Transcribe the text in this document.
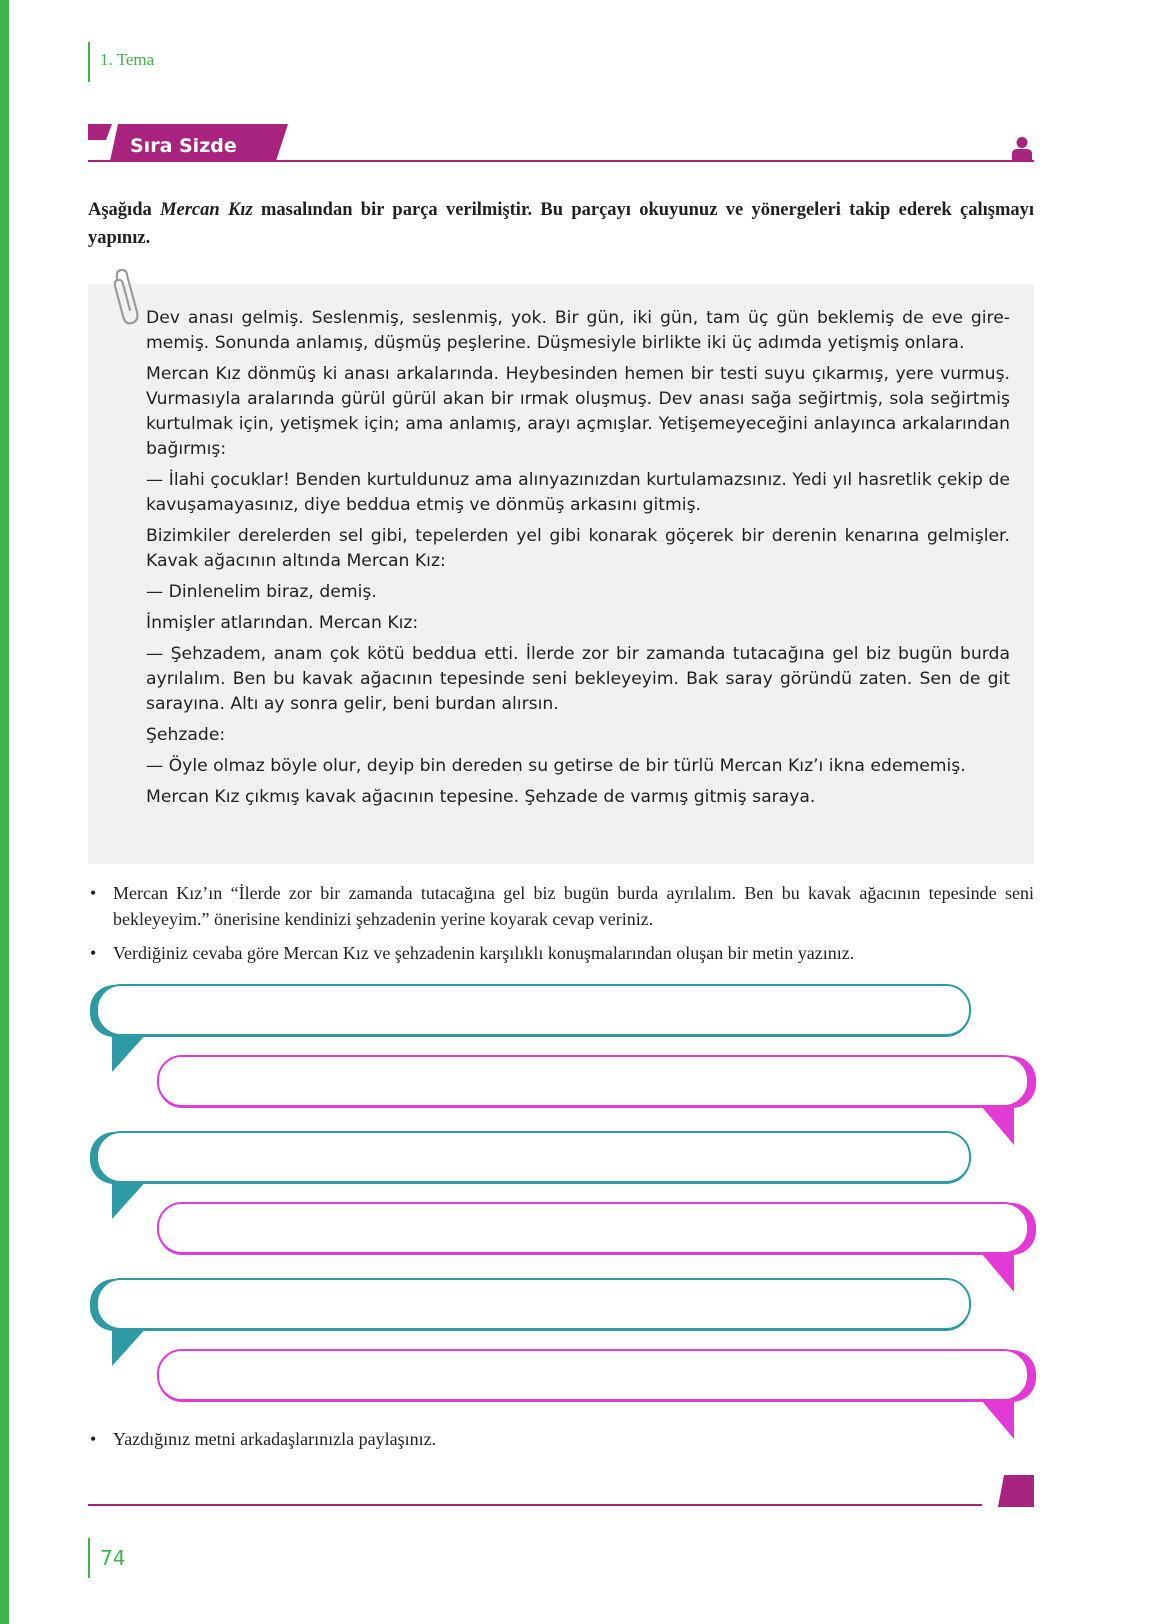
1. Tema
Sıra Sizde
Aşağıda Mercan Kız masalından bir parça verilmiştir. Bu parçayı okuyunuz ve yönergeleri takip ederek çalışmayı yapınız.

Dev anası gelmiş. Seslenmiş, seslenmiş, yok. Bir gün, iki gün, tam üç gün beklemiş de eve girememiş. Sonunda anlamış, düşmüş peşlerine. Düşmesiyle birlikte iki üç adımda yetişmiş onlara.

Mercan Kız dönmüş ki anası arkalarında. Heybesinden hemen bir testi suyu çıkarmış, yere vurmuş. Vurmasıyla aralarında gürül gürül akan bir ırmak oluşmuş. Dev anası sağa seğirtmiş, sola seğirtmiş kurtulmak için, yetişmek için; ama anlamış, arayı açmışlar. Yetişemeyeceğini anlayınca arkalarından bağırmış:

— İlahi çocuklar! Benden kurtuldunuz ama alınyazınızdan kurtulamazsınız. Yedi yıl hasretlik çekip de kavuşamayasınız, diye beddua etmiş ve dönmüş arkasını gitmiş.

Bizimkiler derelerden sel gibi, tepelerden yel gibi konarak göçerek bir derenin kenarına gelmişler. Kavak ağacının altında Mercan Kız:

— Dinlenelim biraz, demiş.

İnmişler atlarından. Mercan Kız:

— Şehzadem, anam çok kötü beddua etti. İlerde zor bir zamanda tutacağına gel biz bugün burda ayrılalım. Ben bu kavak ağacının tepesinde seni bekleyeyim. Bak saray göründü zaten. Sen de git sarayına. Altı ay sonra gelir, beni burdan alırsın.

Şehzade:

— Öyle olmaz böyle olur, deyip bin dereden su getirse de bir türlü Mercan Kız’ı ikna edememiş.

Mercan Kız çıkmış kavak ağacının tepesine. Şehzade de varmış gitmiş saraya.

• Mercan Kız’ın “İlerde zor bir zamanda tutacağına gel biz bugün burda ayrılalım. Ben bu kavak ağacının tepesinde seni bekleyeyim.” önerisine kendinizi şehzadenin yerine koyarak cevap veriniz.
• Verdiğiniz cevaba göre Mercan Kız ve şehzadenin karşılıklı konuşmalarından oluşan bir metin yazınız.
• Yazdığınız metni arkadaşlarınızla paylaşınız.
74
